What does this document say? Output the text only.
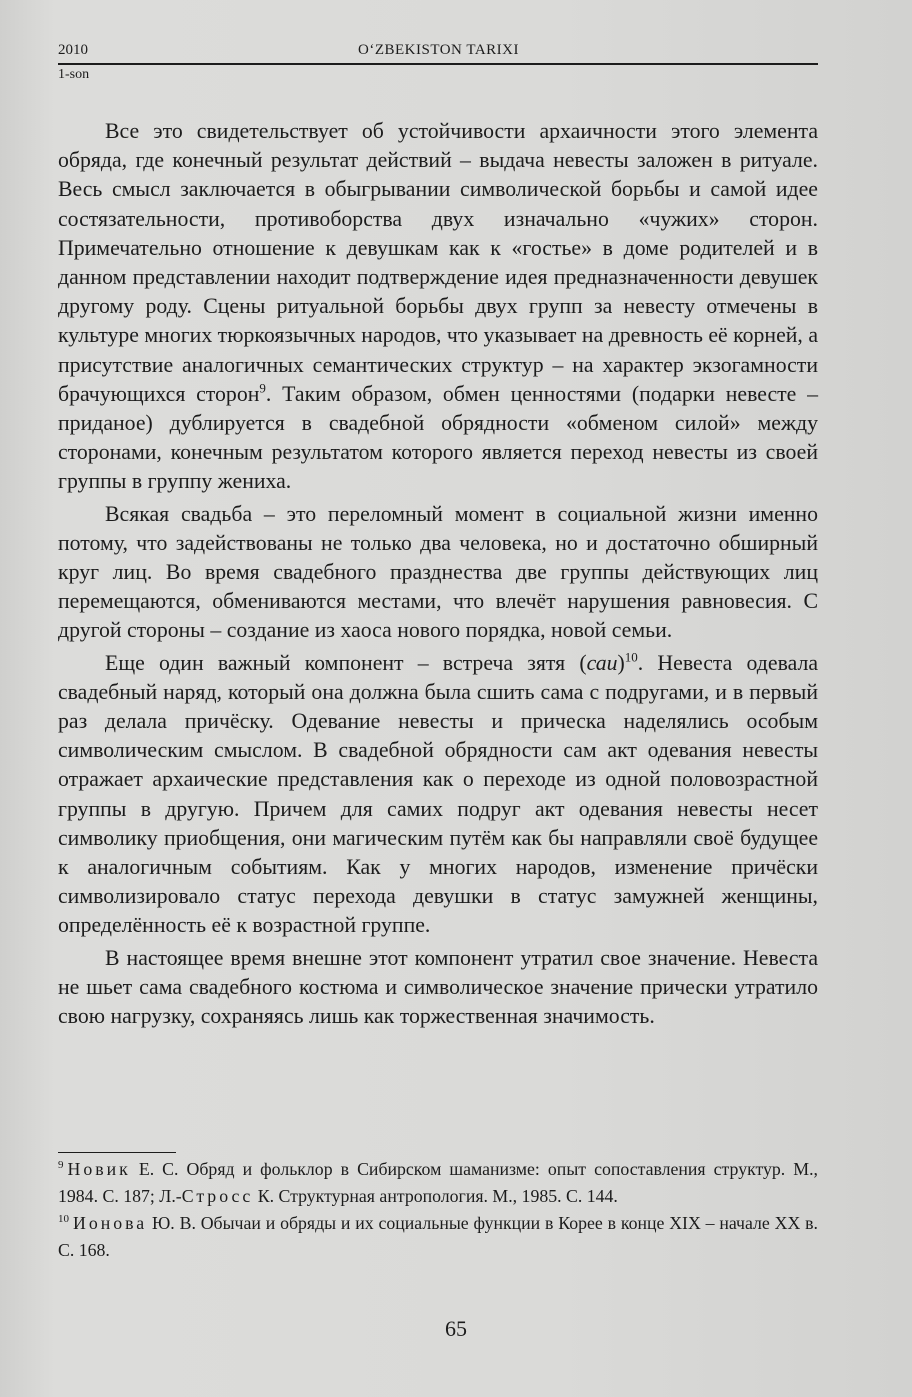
2010	O‘ZBEKISTON TARIXI
1-son

Все это свидетельствует об устойчивости архаичности этого элемента обряда, где конечный результат действий – выдача невесты заложен в ритуале. Весь смысл заключается в обыгрывании символической борьбы и самой идее состязательности, противоборства двух изначально «чужих» сторон. Примечательно отношение к девушкам как к «гостье» в доме родителей и в данном представлении находит подтверждение идея предназначенности девушек другому роду. Сцены ритуальной борьбы двух групп за невесту отмечены в культуре многих тюркоязычных народов, что указывает на древность её корней, а присутствие аналогичных семантических структур – на характер экзогамности брачующихся сторон$^9$. Таким образом, обмен ценностями (подарки невесте – приданое) дублируется в свадебной обрядности «обменом силой» между сторонами, конечным результатом которого является переход невесты из своей группы в группу жениха.

Всякая свадьба – это переломный момент в социальной жизни именно потому, что задействованы не только два человека, но и достаточно обширный круг лиц. Во время свадебного празднества две группы действующих лиц перемещаются, обмениваются местами, что влечёт нарушения равновесия. С другой стороны – создание из хаоса нового порядка, новой семьи.

Еще один важный компонент – встреча зятя (саи)$^{10}$. Невеста одевала свадебный наряд, который она должна была сшить сама с подругами, и в первый раз делала причёску. Одевание невесты и прическа наделялись особым символическим смыслом. В свадебной обрядности сам акт одевания невесты отражает архаические представления как о переходе из одной половозрастной группы в другую. Причем для самих подруг акт одевания невесты несет символику приобщения, они магическим путём как бы направляли своё будущее к аналогичным событиям. Как у многих народов, изменение причёски символизировало статус перехода девушки в статус замужней женщины, определённость её к возрастной группе.

В настоящее время внешне этот компонент утратил свое значение. Невеста не шьет сама свадебного костюма и символическое значение прически утратило свою нагрузку, сохраняясь лишь как торжественная значимость.

$^9$ Новик Е. С. Обряд и фольклор в Сибирском шаманизме: опыт сопоставления структур. М., 1984. С. 187; Л.-Стросс К. Структурная антропология. М., 1985. С. 144.

$^{10}$ Ионова Ю. В. Обычаи и обряды и их социальные функции в Корее в конце XIX – начале XX в. С. 168.

65
